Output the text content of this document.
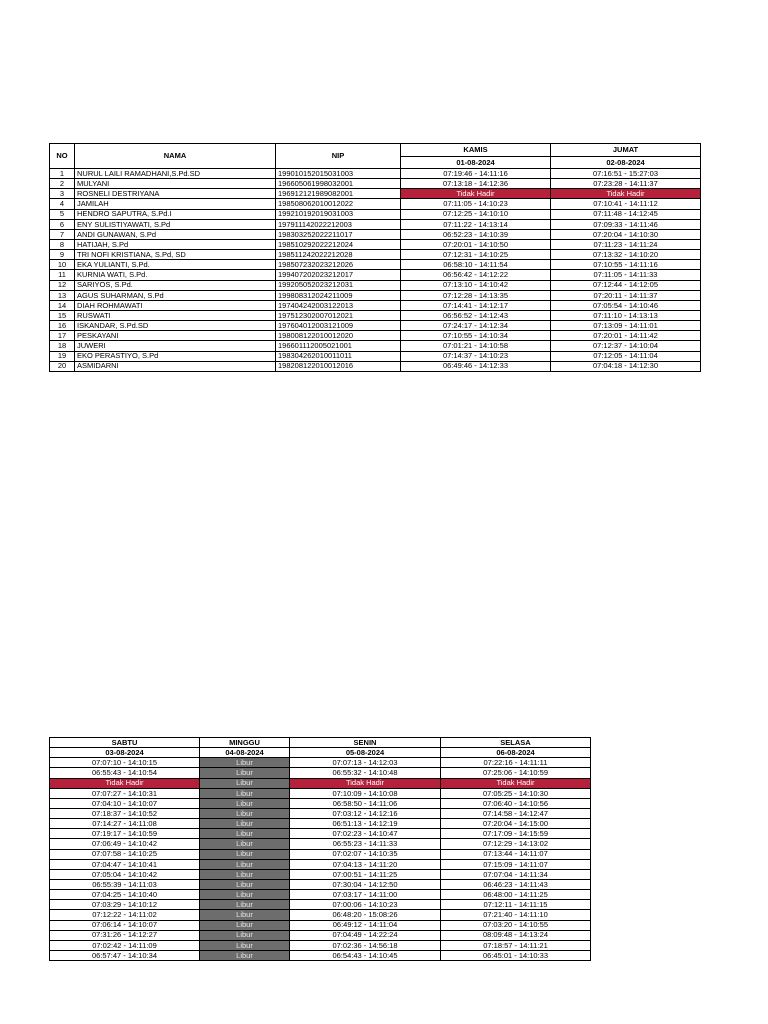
NO	NAMA	NIP	KAMIS	JUMAT
			01-08-2024	02-08-2024
1	NURUL LAILI RAMADHANI,S.Pd.SD	199010152015031003	07:19:46 - 14:11:16	07:16:51 - 15:27:03
2	MULYANI	196605061998032001	07:13:18 - 14:12:36	07:23:28 - 14:11:37
3	ROSNELI DESTRIYANA	196912121989082001	Tidak Hadir	Tidak Hadir
4	JAMILAH	198508062010012022	07:11:05 - 14:10:23	07:10:41 - 14:11:12
5	HENDRO SAPUTRA, S.Pd.I	199210192019031003	07:12:25 - 14:10:10	07:11:48 - 14:12:45
6	ENY SULISTIYAWATI, S.Pd	197911142022212003	07:11:22 - 14:13:14	07:09:33 - 14:11:46
7	ANDI GUNAWAN, S.Pd	198303252022211017	06:52:23 - 14:10:39	07:20:04 - 14:10:30
8	HATIJAH, S.Pd	198510292022212024	07:20:01 - 14:10:50	07:11:23 - 14:11:24
9	TRI NOFI KRISTIANA, S.Pd, SD	198511242022212028	07:12:31 - 14:10:25	07:13:32 - 14:10:20
10	EKA YULIANTI, S.Pd.	198507232023212026	06:58:10 - 14:11:54	07:10:55 - 14:11:16
11	KURNIA WATI, S.Pd.	199407202023212017	06:56:42 - 14:12:22	07:11:05 - 14:11:33
12	SARIYOS, S.Pd.	199205052023212031	07:13:10 - 14:10:42	07:12:44 - 14:12:05
13	AGUS SUHARMAN, S.Pd	199808312024211009	07:12:28 - 14:13:35	07:20:11 - 14:11:37
14	DIAH ROHMAWATI	197404242003122013	07:14:41 - 14:12:17	07:05:54 - 14:10:46
15	RUSWATI	197512302007012021	06:56:52 - 14:12:43	07:11:10 - 14:13:13
16	ISKANDAR, S.Pd.SD	197604012003121009	07:24:17 - 14:12:34	07:13:09 - 14:11:01
17	PESKAYANI	198008122010012020	07:10:55 - 14:10:34	07:20:01 - 14:11:42
18	JUWERI	196601112005021001	07:01:21 - 14:10:58	07:12:37 - 14:10:04
19	EKO PERASTIYO, S.Pd	198304262010011011	07:14:37 - 14:10:23	07:12:05 - 14:11:04
20	ASMIDARNI	198208122010012016	06:49:46 - 14:12:33	07:04:18 - 14:12:30
SABTU	MINGGU	SENIN	SELASA
03-08-2024	04-08-2024	05-08-2024	06-08-2024
07:07:10 - 14:10:15	Libur	07:07:13 - 14:12:03	07:22:16 - 14:11:11
06:55:43 - 14:10:54	Libur	06:55:32 - 14:10:48	07:25:06 - 14:10:59
Tidak Hadir	Libur	Tidak Hadir	Tidak Hadir
07:07:27 - 14:10:31	Libur	07:10:09 - 14:10:08	07:05:25 - 14:10:30
07:04:10 - 14:10:07	Libur	06:58:50 - 14:11:06	07:06:40 - 14:10:56
07:18:37 - 14:10:52	Libur	07:03:12 - 14:12:16	07:14:58 - 14:12:47
07:14:27 - 14:11:08	Libur	06:51:13 - 14:12:19	07:20:04 - 14:15:00
07:19:17 - 14:10:59	Libur	07:02:23 - 14:10:47	07:17:09 - 14:15:59
07:06:49 - 14:10:42	Libur	06:55:23 - 14:11:33	07:12:29 - 14:13:02
07:07:58 - 14:10:25	Libur	07:02:07 - 14:10:35	07:13:44 - 14:11:07
07:04:47 - 14:10:41	Libur	07:04:13 - 14:11:20	07:15:09 - 14:11:07
07:05:04 - 14:10:42	Libur	07:00:51 - 14:11:25	07:07:04 - 14:11:34
06:55:39 - 14:11:03	Libur	07:30:04 - 14:12:50	06:46:23 - 14:11:43
07:04:25 - 14:10:40	Libur	07:03:17 - 14:11:00	06:48:00 - 14:11:25
07:03:29 - 14:10:12	Libur	07:00:06 - 14:10:23	07:12:11 - 14:11:15
07:12:22 - 14:11:02	Libur	06:48:20 - 15:08:26	07:21:40 - 14:11:10
07:06:14 - 14:10:07	Libur	06:49:12 - 14:11:04	07:03:20 - 14:10:55
07:31:26 - 14:12:27	Libur	07:04:49 - 14:22:24	08:09:48 - 14:13:24
07:02:42 - 14:11:09	Libur	07:02:36 - 14:56:18	07:18:57 - 14:11:21
06:57:47 - 14:10:34	Libur	06:54:43 - 14:10:45	06:45:01 - 14:10:33
